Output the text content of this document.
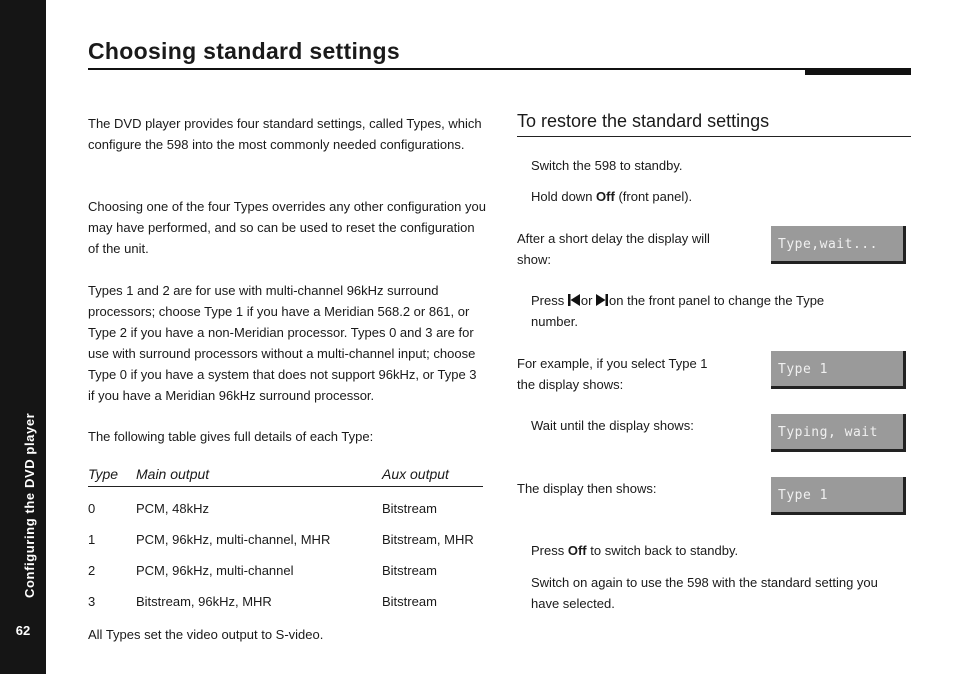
Configuring the DVD player
62
Choosing standard settings

The DVD player provides four standard settings, called Types, which configure the 598 into the most commonly needed configurations.

Choosing one of the four Types overrides any other configuration you may have performed, and so can be used to reset the configuration of the unit.

Types 1 and 2 are for use with multi-channel 96kHz surround processors; choose Type 1 if you have a Meridian 568.2 or 861, or Type 2 if you have a non-Meridian processor. Types 0 and 3 are for use with surround processors without a multi-channel input; choose Type 0 if you have a system that does not support 96kHz, or Type 3 if you have a Meridian 96kHz surround processor.

The following table gives full details of each Type:

Type	Main output	Aux output
0	PCM, 48kHz	Bitstream
1	PCM, 96kHz, multi-channel, MHR	Bitstream, MHR
2	PCM, 96kHz, multi-channel	Bitstream
3	Bitstream, 96kHz, MHR	Bitstream

All Types set the video output to S-video.

To restore the standard settings

Switch the 598 to standby.

Hold down Off (front panel).

After a short delay the display will show:

Type,wait...

Press or on the front panel to change the Type number.

For example, if you select Type 1 the display shows:

Type 1

Wait until the display shows:	Typing, wait

The display then shows:	Type 1

Press Off to switch back to standby.

Switch on again to use the 598 with the standard setting you have selected.
